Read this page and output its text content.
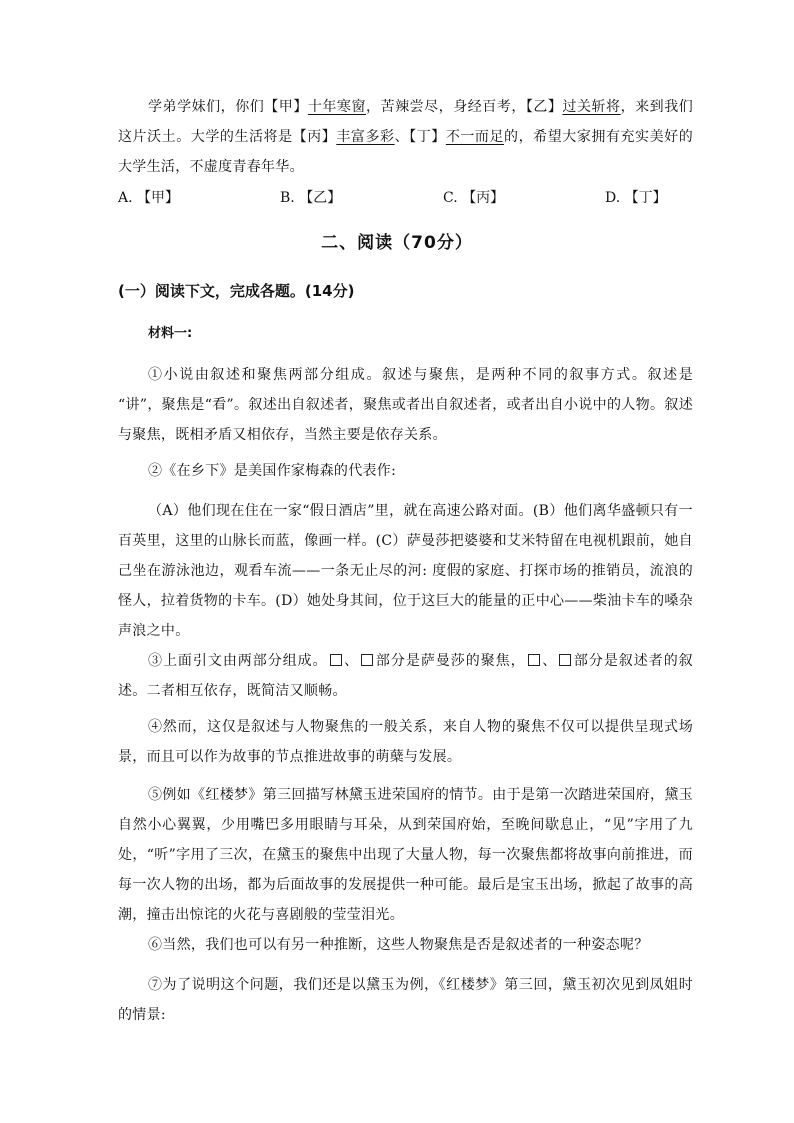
学弟学妹们，你们【甲】十年寒窗，苦辣尝尽，身经百考，【乙】过关斩将，来到我们这片沃土。大学的生活将是【丙】丰富多彩、【丁】不一而足的，希望大家拥有充实美好的大学生活，不虚度青春年华。
A. 【甲】	B. 【乙】	C. 【丙】	D. 【丁】
二、阅读（70分）
(一）阅读下文，完成各题。(14分)
材料一:
①小说由叙述和聚焦两部分组成。叙述与聚焦，是两种不同的叙事方式。叙述是 “讲”，聚焦是“看”。叙述出自叙述者，聚焦或者出自叙述者，或者出自小说中的人物。叙述与聚焦，既相矛盾又相依存，当然主要是依存关系。
②《在乡下》是美国作家梅森的代表作:
（A）他们现在住在一家“假日酒店”里，就在高速公路对面。(B）他们离华盛顿只有一百英里，这里的山脉长而蓝，像画一样。(C）萨曼莎把婆婆和艾米特留在电视机跟前，她自己坐在游泳池边，观看车流——一条无止尽的河: 度假的家庭、打探市场的推销员，流浪的怪人，拉着货物的卡车。(D）她处身其间，位于这巨大的能量的正中心——柴油卡车的嗓杂声浪之中。
③上面引文由两部分组成。 、 部分是萨曼莎的聚焦， 、 部分是叙述者的叙述。二者相互依存，既简洁又顺畅。
④然而，这仅是叙述与人物聚焦的一般关系，来自人物的聚焦不仅可以提供呈现式场景，而且可以作为故事的节点推进故事的萌蘖与发展。
⑤例如《红楼梦》第三回描写林黛玉进荣国府的情节。由于是第一次踏进荣国府，黛玉自然小心翼翼，少用嘴巴多用眼睛与耳朵，从到荣国府始，至晚间歇息止，“见”字用了九处，“听”字用了三次，在黛玉的聚焦中出现了大量人物，每一次聚焦都将故事向前推进，而每一次人物的出场，都为后面故事的发展提供一种可能。最后是宝玉出场，掀起了故事的高潮，撞击出惊诧的火花与喜剧般的莹莹泪光。
⑥当然，我们也可以有另一种推断，这些人物聚焦是否是叙述者的一种姿态呢？
⑦为了说明这个问题，我们还是以黛玉为例，《红楼梦》第三回，黛玉初次见到凤姐时的情景:
